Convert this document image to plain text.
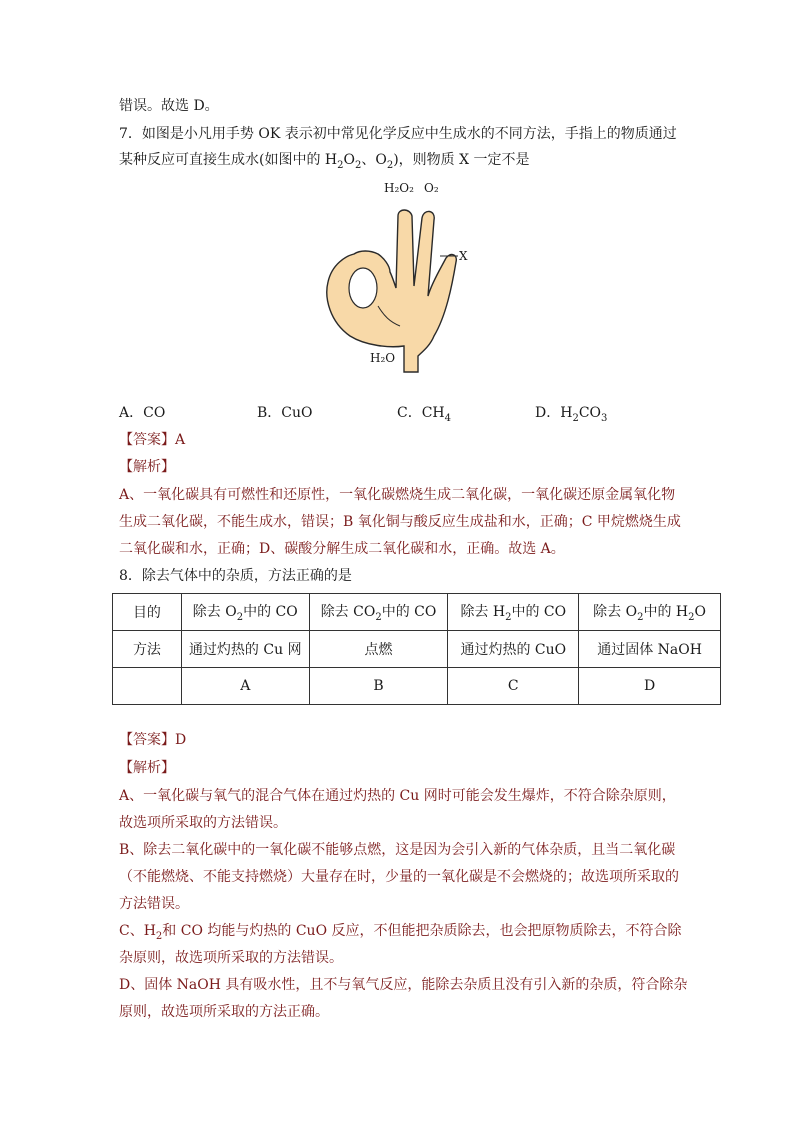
错误。故选 D。
7．如图是小凡用手势 OK 表示初中常见化学反应中生成水的不同方法，手指上的物质通过
某种反应可直接生成水(如图中的 $H_2O_2$、$O_2$)，则物质 X 一定不是
H₂O₂ O₂
X
H₂O
A．CO	B．CuO	C．$CH_4$	D．$H_2CO_3$
【答案】A
【解析】
A、一氧化碳具有可燃性和还原性，一氧化碳燃烧生成二氧化碳，一氧化碳还原金属氧化物
生成二氧化碳，不能生成水，错误；B 氧化铜与酸反应生成盐和水，正确；C 甲烷燃烧生成
二氧化碳和水，正确；D、碳酸分解生成二氧化碳和水，正确。故选 A。
8．除去气体中的杂质，方法正确的是
目的	除去 $O_2$中的 CO	除去 $CO_2$中的 CO	除去 $H_2$中的 CO	除去 $O_2$中的 $H_2O$
方法	通过灼热的 Cu 网	点燃	通过灼热的 CuO	通过固体 NaOH
	A	B	C	D
【答案】D
【解析】
A、一氧化碳与氧气的混合气体在通过灼热的 Cu 网时可能会发生爆炸，不符合除杂原则，
故选项所采取的方法错误。
B、除去二氧化碳中的一氧化碳不能够点燃，这是因为会引入新的气体杂质，且当二氧化碳
（不能燃烧、不能支持燃烧）大量存在时，少量的一氧化碳是不会燃烧的；故选项所采取的
方法错误。
C、$H_2$和 CO 均能与灼热的 CuO 反应，不但能把杂质除去，也会把原物质除去，不符合除
杂原则，故选项所采取的方法错误。
D、固体 NaOH 具有吸水性，且不与氧气反应，能除去杂质且没有引入新的杂质，符合除杂
原则，故选项所采取的方法正确。
